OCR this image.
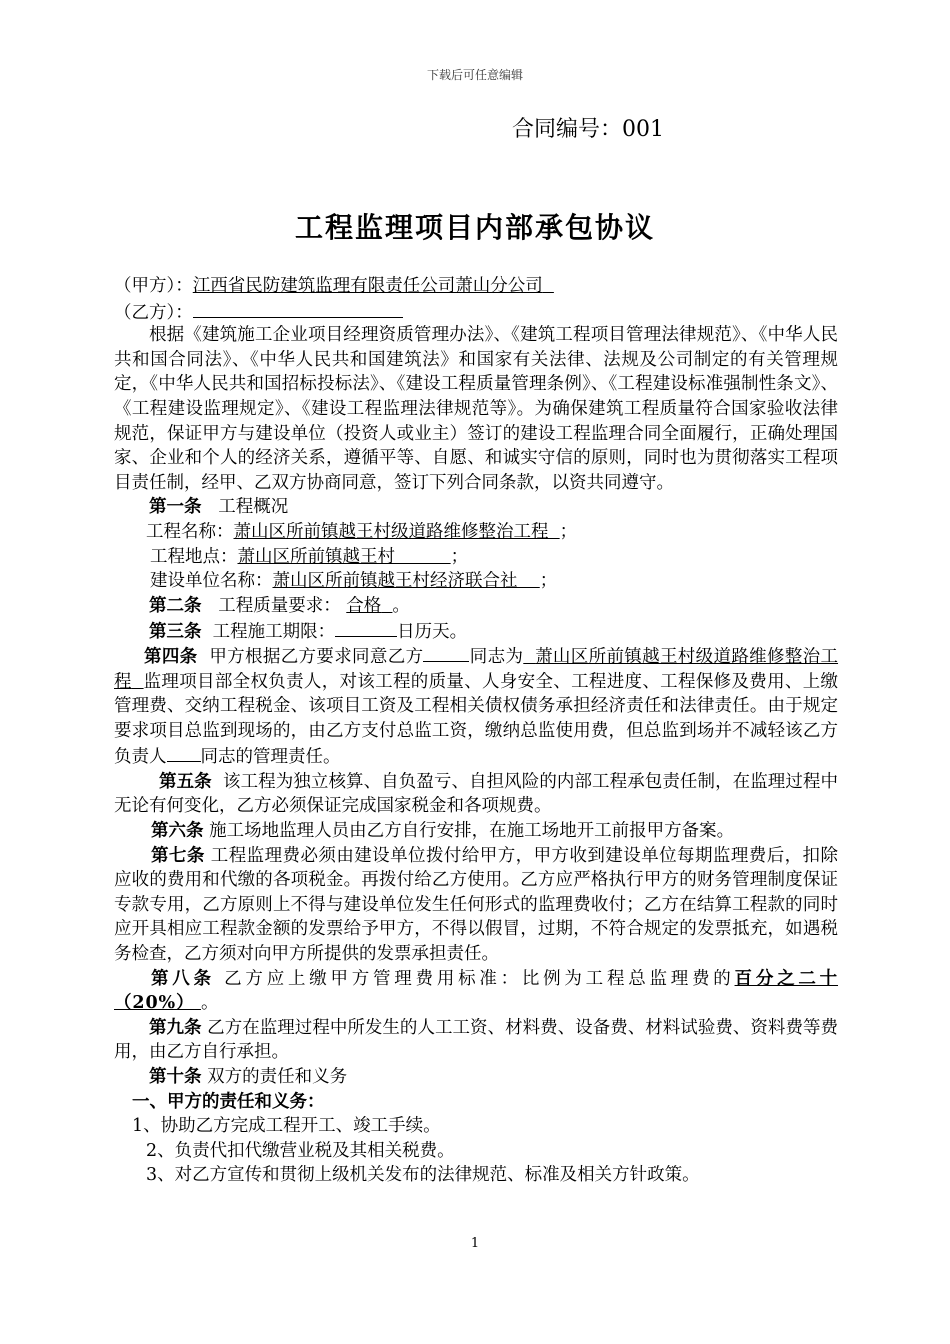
下载后可任意编辑
合同编号：001
工程监理项目内部承包协议
（甲方）：江西省民防建筑监理有限责任公司萧山分公司
（乙方）：
根据《建筑施工企业项目经理资质管理办法》、《建筑工程项目管理法律规范》、《中华人民共和国合同法》、《中华人民共和国建筑法》和国家有关法律、法规及公司制定的有关管理规定，《中华人民共和国招标投标法》、《建设工程质量管理条例》、《工程建设标准强制性条文》、《工程建设监理规定》、《建设工程监理法律规范等》。为确保建筑工程质量符合国家验收法律规范，保证甲方与建设单位（投资人或业主）签订的建设工程监理合同全面履行，正确处理国家、企业和个人的经济关系，遵循平等、自愿、和诚实守信的原则，同时也为贯彻落实工程项目责任制，经甲、乙双方协商同意，签订下列合同条款，以资共同遵守。
第一条 工程概况
工程名称：萧山区所前镇越王村级道路维修整治工程 ；
工程地点：萧山区所前镇越王村	；
建设单位名称：萧山区所前镇越王村经济联合社 ；
第二条 工程质量要求： 合格 。
第三条 工程施工期限：	日历天。
第四条 甲方根据乙方要求同意乙方	同志为 萧山区所前镇越王村级道路维修整治工程 监理项目部全权负责人，对该工程的质量、人身安全、工程进度、工程保修及费用、上缴管理费、交纳工程税金、该项目工资及工程相关债权债务承担经济责任和法律责任。由于规定要求项目总监到现场的，由乙方支付总监工资，缴纳总监使用费，但总监到场并不减轻该乙方负责人 同志的管理责任。
第五条 该工程为独立核算、自负盈亏、自担风险的内部工程承包责任制，在监理过程中无论有何变化，乙方必须保证完成国家税金和各项规费。
第六条 施工场地监理人员由乙方自行安排，在施工场地开工前报甲方备案。
第七条 工程监理费必须由建设单位拨付给甲方，甲方收到建设单位每期监理费后，扣除应收的费用和代缴的各项税金。再拨付给乙方使用。乙方应严格执行甲方的财务管理制度保证专款专用，乙方原则上不得与建设单位发生任何形式的监理费收付；乙方在结算工程款的同时应开具相应工程款金额的发票给予甲方，不得以假冒，过期，不符合规定的发票抵充，如遇税务检查，乙方须对向甲方所提供的发票承担责任。
第八条 乙方应上缴甲方管理费用标准：比例为工程总监理费的百分之二十（20%） 。
第九条 乙方在监理过程中所发生的人工工资、材料费、设备费、材料试验费、资料费等费用，由乙方自行承担。
第十条 双方的责任和义务
一、甲方的责任和义务：
1、协助乙方完成工程开工、竣工手续。
2、负责代扣代缴营业税及其相关税费。
3、对乙方宣传和贯彻上级机关发布的法律规范、标准及相关方针政策。
1
